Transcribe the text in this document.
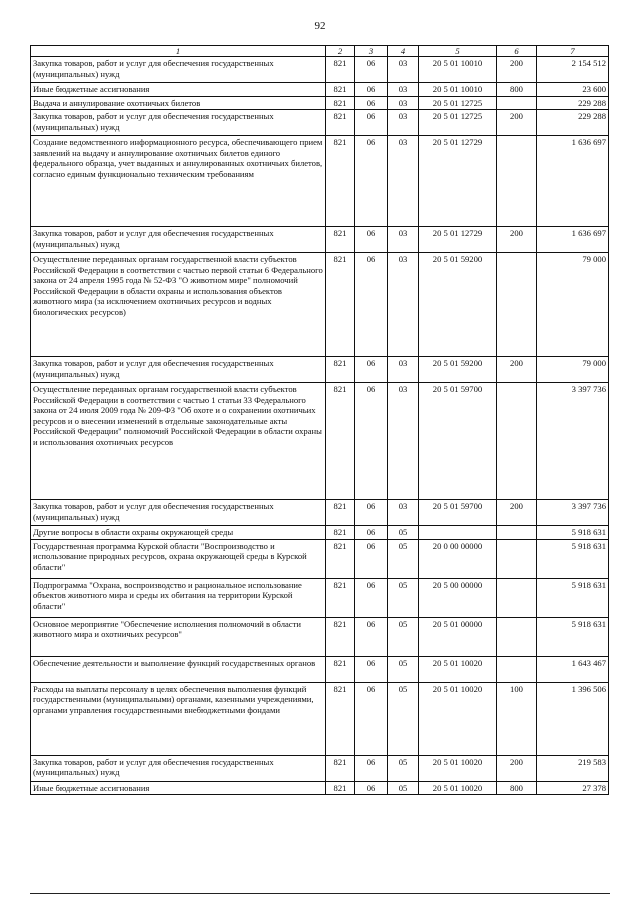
92
1	2	3	4	5	6	7
Закупка товаров, работ и услуг для обеспечения государственных (муниципальных) нужд	821	06	03	20 5 01 10010	200	2 154 512
Иные бюджетные ассигнования	821	06	03	20 5 01 10010	800	23 600
Выдача и аннулирование охотничьих билетов	821	06	03	20 5 01 12725		229 288
Закупка товаров, работ и услуг для обеспечения государственных (муниципальных) нужд	821	06	03	20 5 01 12725	200	229 288
Создание ведомственного информационного ресурса, обеспечивающего прием заявлений на выдачу и аннулирование охотничьих билетов единого федерального образца, учет выданных и аннулированных охотничьих билетов, согласно единым функционально техническим требованиям	821	06	03	20 5 01 12729		1 636 697
Закупка товаров, работ и услуг для обеспечения государственных (муниципальных) нужд	821	06	03	20 5 01 12729	200	1 636 697
Осуществление переданных органам государственной власти субъектов Российской Федерации в соответствии с частью первой статьи 6 Федерального закона от 24 апреля 1995 года № 52-ФЗ "О животном мире" полномочий Российской Федерации в области охраны и использования объектов животного мира (за исключением охотничьих ресурсов и водных биологических ресурсов)	821	06	03	20 5 01 59200		79 000
Закупка товаров, работ и услуг для обеспечения государственных (муниципальных) нужд	821	06	03	20 5 01 59200	200	79 000
Осуществление переданных органам государственной власти субъектов Российской Федерации в соответствии с частью 1 статьи 33 Федерального закона от 24 июля 2009 года № 209-ФЗ "Об охоте и о сохранении охотничьих ресурсов и о внесении изменений в отдельные законодательные акты Российской Федерации" полномочий Российской Федерации в области охраны и использования охотничьих ресурсов	821	06	03	20 5 01 59700		3 397 736
Закупка товаров, работ и услуг для обеспечения государственных (муниципальных) нужд	821	06	03	20 5 01 59700	200	3 397 736
Другие вопросы в области охраны окружающей среды	821	06	05			5 918 631
Государственная программа Курской области "Воспроизводство и использование природных ресурсов, охрана окружающей среды в Курской области"	821	06	05	20 0 00 00000		5 918 631
Подпрограмма "Охрана, воспроизводство и рациональное использование объектов животного мира и среды их обитания на территории Курской области"	821	06	05	20 5 00 00000		5 918 631
Основное мероприятие "Обеспечение исполнения полномочий в области животного мира и охотничьих ресурсов"	821	06	05	20 5 01 00000		5 918 631
Обеспечение деятельности и выполнение функций государственных органов	821	06	05	20 5 01 10020		1 643 467
Расходы на выплаты персоналу в целях обеспечения выполнения функций государственными (муниципальными) органами, казенными учреждениями, органами управления государственными внебюджетными фондами	821	06	05	20 5 01 10020	100	1 396 506
Закупка товаров, работ и услуг для обеспечения государственных (муниципальных) нужд	821	06	05	20 5 01 10020	200	219 583
Иные бюджетные ассигнования	821	06	05	20 5 01 10020	800	27 378
